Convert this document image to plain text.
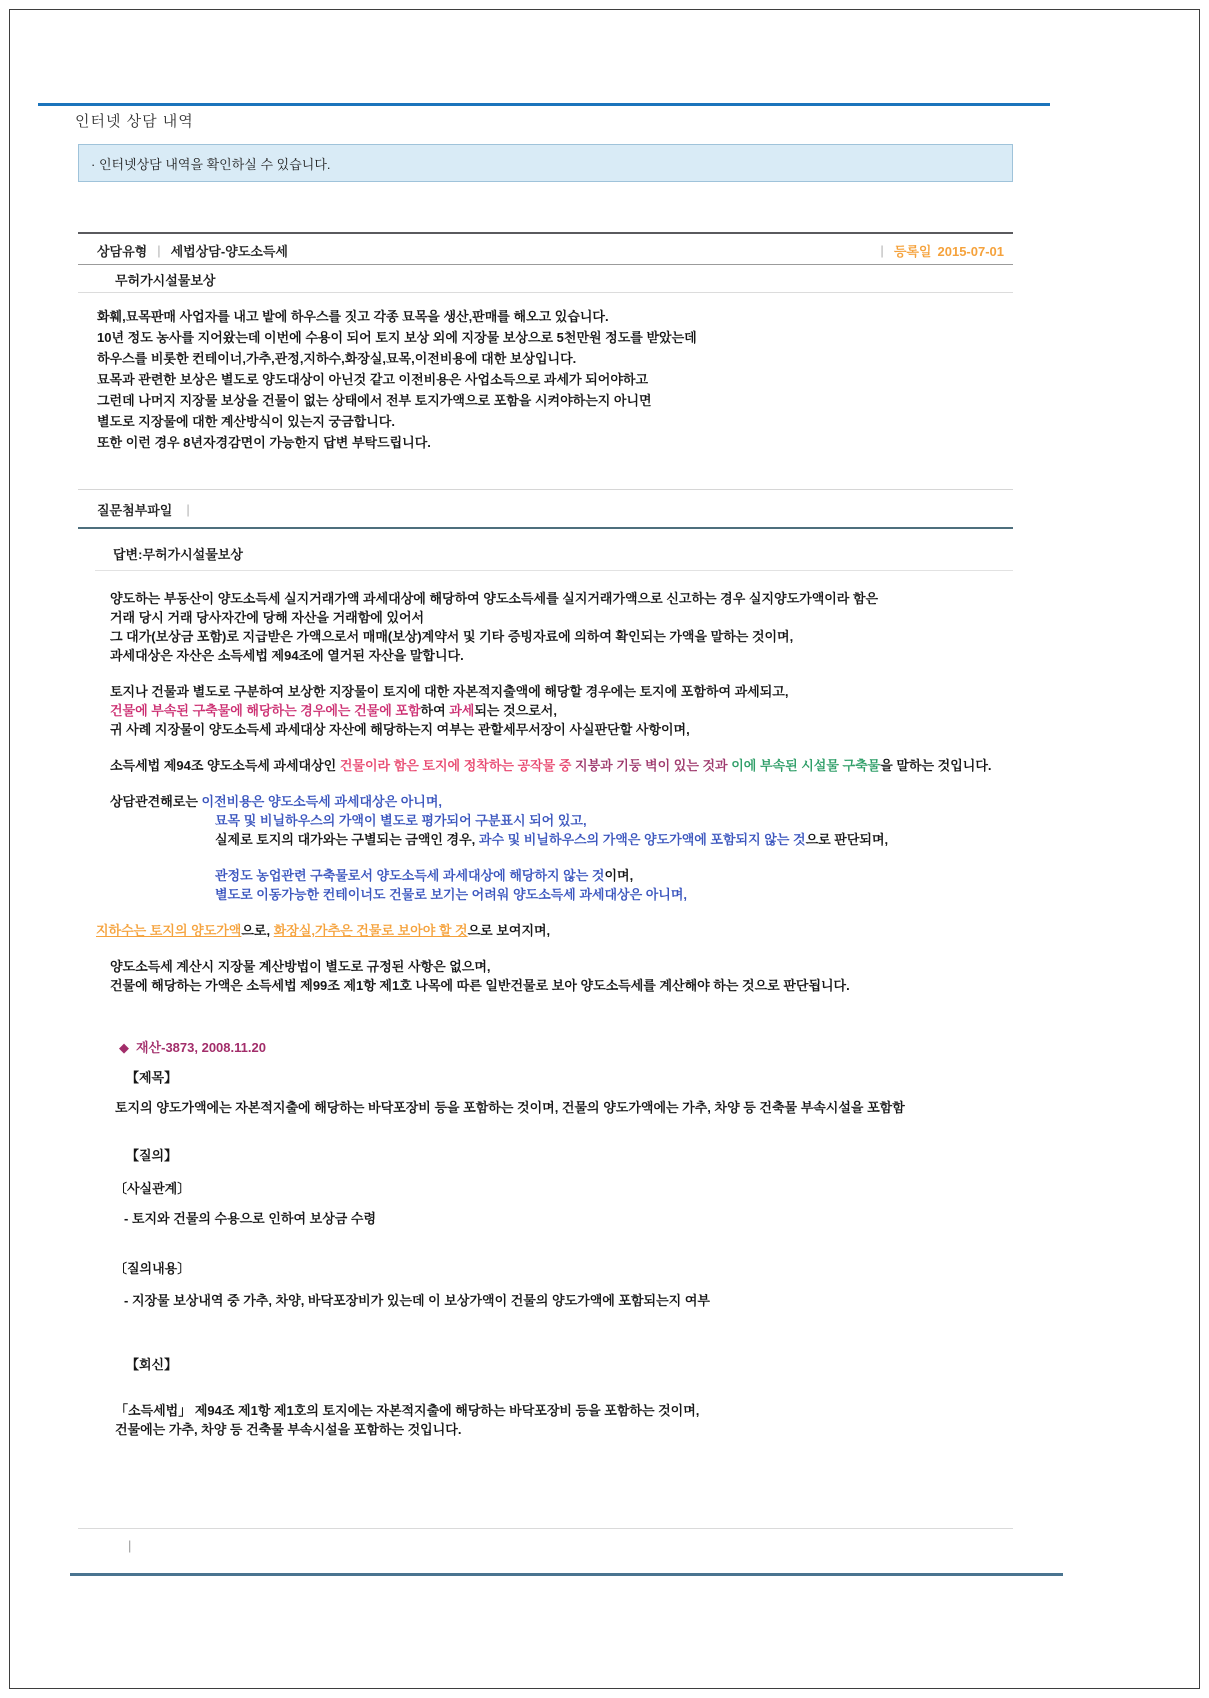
인터넷 상담 내역
· 인터넷상담 내역을 확인하실 수 있습니다.
상담유형 | 세법상담-양도소득세	| 등록일 2015-07-01
무허가시설물보상
화훼,묘목판매 사업자를 내고 밭에 하우스를 짓고 각종 묘목을 생산,판매를 해오고 있습니다.
10년 정도 농사를 지어왔는데 이번에 수용이 되어 토지 보상 외에 지장물 보상으로 5천만원 정도를 받았는데
하우스를 비롯한 컨테이너,가추,관정,지하수,화장실,묘목,이전비용에 대한 보상입니다.
묘목과 관련한 보상은 별도로 양도대상이 아닌것 같고 이전비용은 사업소득으로 과세가 되어야하고
그런데 나머지 지장물 보상을 건물이 없는 상태에서 전부 토지가액으로 포함을 시켜야하는지 아니면
별도로 지장물에 대한 계산방식이 있는지 궁금합니다.
또한 이런 경우 8년자경감면이 가능한지 답변 부탁드립니다.
질문첨부파일 |
답변:무허가시설물보상
양도하는 부동산이 양도소득세 실지거래가액 과세대상에 해당하여 양도소득세를 실지거래가액으로 신고하는 경우 실지양도가액이라 함은
거래 당시 거래 당사자간에 당해 자산을 거래함에 있어서
그 대가(보상금 포함)로 지급받은 가액으로서 매매(보상)계약서 및 기타 증빙자료에 의하여 확인되는 가액을 말하는 것이며,
과세대상은 자산은 소득세법 제94조에 열거된 자산을 말합니다.
토지나 건물과 별도로 구분하여 보상한 지장물이 토지에 대한 자본적지출액에 해당할 경우에는 토지에 포함하여 과세되고,
건물에 부속된 구축물에 해당하는 경우에는 건물에 포함하여 과세되는 것으로서,
귀 사례 지장물이 양도소득세 과세대상 자산에 해당하는지 여부는 관할세무서장이 사실판단할 사항이며,
소득세법 제94조 양도소득세 과세대상인 건물이라 함은 토지에 정착하는 공작물 중 지붕과 기둥 벽이 있는 것과 이에 부속된 시설물 구축물을 말하는 것입니다.
상담관견해로는 이전비용은 양도소득세 과세대상은 아니며,
묘목 및 비닐하우스의 가액이 별도로 평가되어 구분표시 되어 있고,
실제로 토지의 대가와는 구별되는 금액인 경우, 과수 및 비닐하우스의 가액은 양도가액에 포함되지 않는 것으로 판단되며,
관정도 농업관련 구축물로서 양도소득세 과세대상에 해당하지 않는 것이며,
별도로 이동가능한 컨테이너도 건물로 보기는 어려워 양도소득세 과세대상은 아니며,
지하수는 토지의 양도가액으로, 화장실,가추은 건물로 보아야 할 것으로 보여지며,
양도소득세 계산시 지장물 계산방법이 별도로 규정된 사항은 없으며,
건물에 해당하는 가액은 소득세법 제99조 제1항 제1호 나목에 따른 일반건물로 보아 양도소득세를 계산해야 하는 것으로 판단됩니다.
◆ 재산-3873, 2008.11.20
【제목】
토지의 양도가액에는 자본적지출에 해당하는 바닥포장비 등을 포함하는 것이며, 건물의 양도가액에는 가추, 차양 등 건축물 부속시설을 포함함
【질의】
〔사실관계〕
- 토지와 건물의 수용으로 인하여 보상금 수령
〔질의내용〕
- 지장물 보상내역 중 가추, 차양, 바닥포장비가 있는데 이 보상가액이 건물의 양도가액에 포함되는지 여부
【회신】
「소득세법」 제94조 제1항 제1호의 토지에는 자본적지출에 해당하는 바닥포장비 등을 포함하는 것이며,
건물에는 가추, 차양 등 건축물 부속시설을 포함하는 것입니다.
|
